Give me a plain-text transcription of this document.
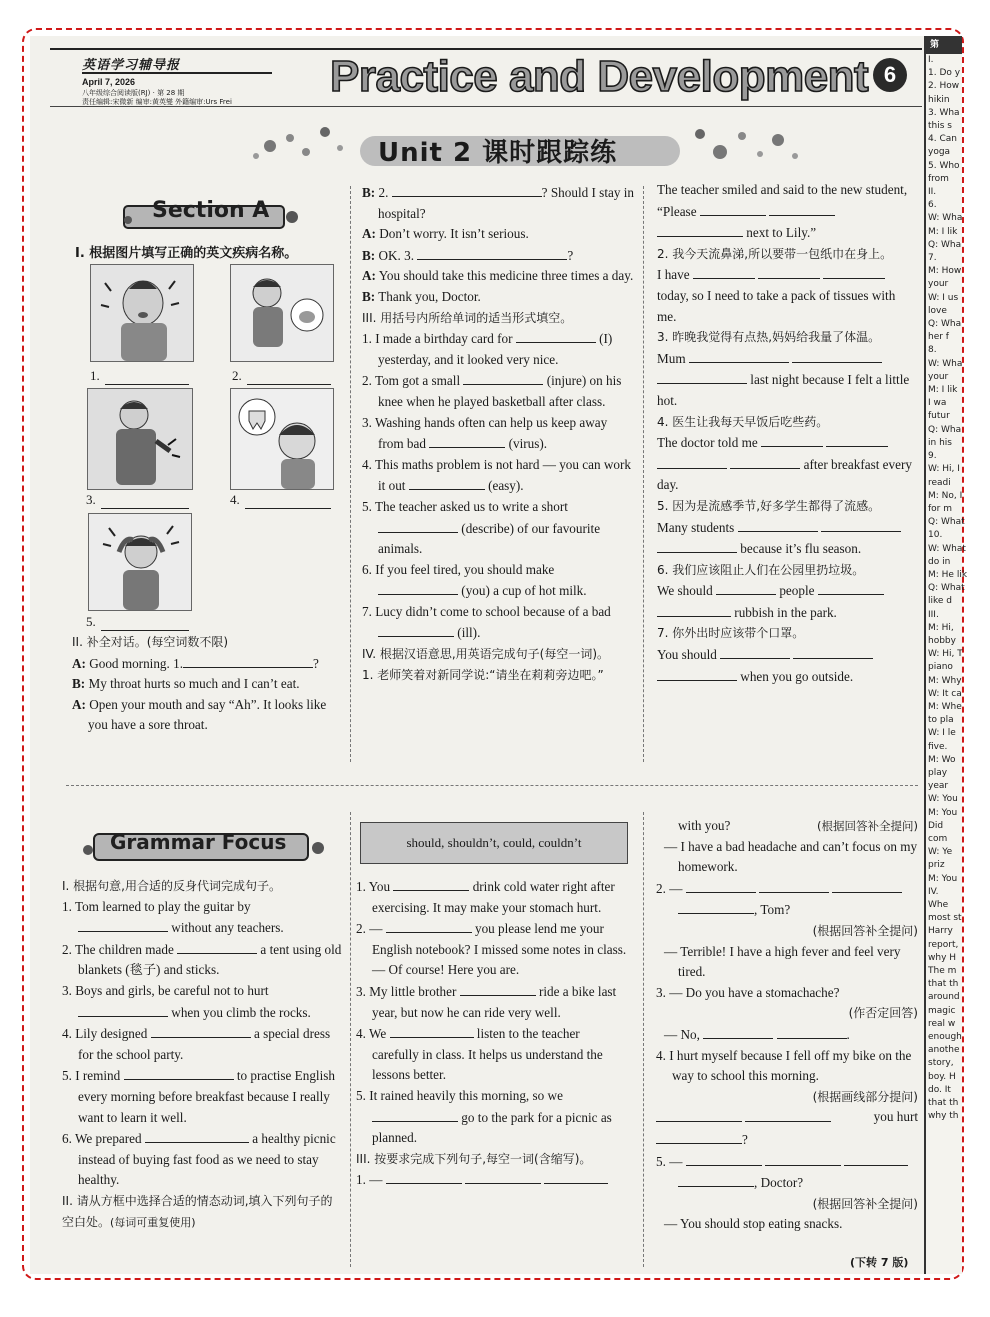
英语学习辅导报
April 7, 2026
八年级综合阅读版(RJ) · 第 28 期
责任编辑:宋微新 编审:黄英燮 外籍编审:Urs Frei
Practice and Development 6
Unit 2 课时跟踪练
Section A
I. 根据图片填写正确的英文疾病名称。
1.	2.
3.	4.
5.

II. 补全对话。(每空词数不限)

A: Good morning. 1.	?

B: My throat hurts so much and I can’t eat.

A: Open your mouth and say “Ah”. It looks like you have a sore throat.

B: 2.	? Should I stay in hospital?

A: Don’t worry. It isn’t serious.

B: OK. 3.	?

A: You should take this medicine three times a day.

B: Thank you, Doctor.

III. 用括号内所给单词的适当形式填空。

1. I made a birthday card for	(I) yesterday, and it looked very nice.

2. Tom got a small	(injure) on his knee when he played basketball after class.

3. Washing hands often can help us keep away from bad	(virus).

4. This maths problem is not hard — you can work it out	(easy).

5. The teacher asked us to write a short  (describe) of our favourite animals.

6. If you feel tired, you should make  (you) a cup of hot milk.

7. Lucy didn’t come to school because of a bad  (ill).

IV. 根据汉语意思,用英语完成句子(每空一词)。

1. 老师笑着对新同学说:“请坐在莉莉旁边吧。”

The teacher smiled and said to the new student, “Please

next to Lily.”

2. 我今天流鼻涕,所以要带一包纸巾在身上。

I have    today, so I need to take a pack of tissues with me.

3. 昨晚我觉得有点热,妈妈给我量了体温。

Mum    last night because I felt a little hot.

4. 医生让我每天早饭后吃些药。

The doctor told me     after breakfast every day.

5. 因为是流感季节,好多学生都得了流感。

Many students    because it’s flu season.

6. 我们应该阻止人们在公园里扔垃圾。

We should	people   rubbish in the park.

7. 你外出时应该带个口罩。

You should    when you go outside.

Grammar Focus

I. 根据句意,用合适的反身代词完成句子。

1. Tom learned to play the guitar by  without any teachers.

2. The children made	a tent using old blankets (毯子) and sticks.

3. Boys and girls, be careful not to hurt  when you climb the rocks.

4. Lily designed	a special dress for the school party.

5. I remind	to practise English every morning before breakfast because I really want to learn it well.

6. We prepared	a healthy picnic instead of buying fast food as we need to stay healthy.

II. 请从方框中选择合适的情态动词,填入下列句子的空白处。(每词可重复使用)

should, shouldn’t, could, couldn’t

1. You	drink cold water right after exercising. It may make your stomach hurt.

2. —	you please lend me your English notebook? I missed some notes in class.

— Of course! Here you are.

3. My little brother	ride a bike last year, but now he can ride very well.

4. We	listen to the teacher carefully in class. It helps us understand the lessons better.

5. It rained heavily this morning, so we  go to the park for a picnic as planned.

III. 按要求完成下列句子,每空一词(含缩写)。

1. —

with you?	(根据回答补全提问)

— I have a bad headache and can’t focus on my homework.

2. —

, Tom?

(根据回答补全提问)

— Terrible! I have a high fever and feel very tired.

3. — Do you have a stomachache?

(作否定回答)

— No,	.

4. I hurt myself because I fell off my bike on the way to school this morning.

(根据画线部分提问)

you hurt

?

5. —

, Doctor?

(根据回答补全提问)

— You should stop eating snacks.

(下转 7 版)
第
I.
1. Do y
2. How
hikin
3. Wha
this s
4. Can
yoga
5. Who
from
II.
6.
W: Wha
M: I lik
Q: Wha
7.
M: How
your
W: I us
love
Q: Wha
her f
8.
W: Wha
your
M: I lik
I wa
futur
Q: Wha
in his
9.
W: Hi, I
readi
M: No, I
for m
Q: What
10.
W: What
do in
M: He lik
Q: What
like d
III.
M: Hi,
hobby
W: Hi, T
piano
M: Why
W: It ca
M: Whe
to pla
W: I le
five.
M: Wo
play
year
W: You
M: You
Did
com
W: Ye
priz
M: You
IV.
Whe
most st
Harry
report,
why H
The m
that th
around
magic
real w
enough
anothe
story,
boy. H
do. It
that th
why th
